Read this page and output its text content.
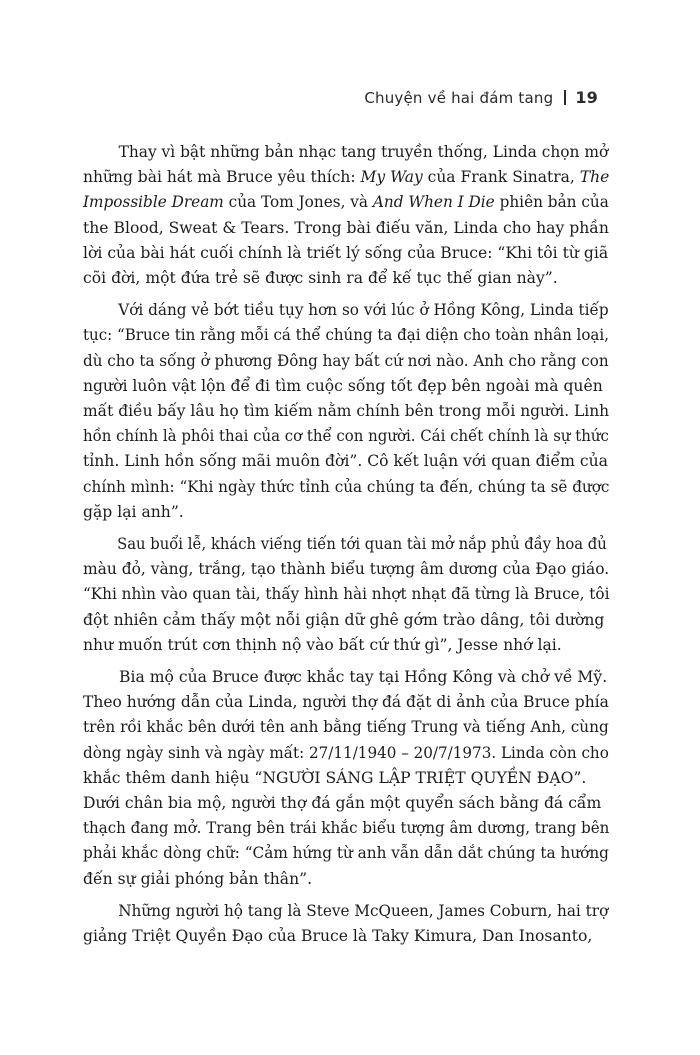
Chuyện về hai đám tang 19

Thay vì bật những bản nhạc tang truyền thống, Linda chọn mở
những bài hát mà Bruce yêu thích: My Way của Frank Sinatra, The
Impossible Dream của Tom Jones, và And When I Die phiên bản của
the Blood, Sweat & Tears. Trong bài điếu văn, Linda cho hay phần
lời của bài hát cuối chính là triết lý sống của Bruce: “Khi tôi từ giã
cõi đời, một đứa trẻ sẽ được sinh ra để kế tục thế gian này”.

Với dáng vẻ bớt tiều tụy hơn so với lúc ở Hồng Kông, Linda tiếp
tục: “Bruce tin rằng mỗi cá thể chúng ta đại diện cho toàn nhân loại,
dù cho ta sống ở phương Đông hay bất cứ nơi nào. Anh cho rằng con
người luôn vật lộn để đi tìm cuộc sống tốt đẹp bên ngoài mà quên
mất điều bấy lâu họ tìm kiếm nằm chính bên trong mỗi người. Linh
hồn chính là phôi thai của cơ thể con người. Cái chết chính là sự thức
tỉnh. Linh hồn sống mãi muôn đời”. Cô kết luận với quan điểm của
chính mình: “Khi ngày thức tỉnh của chúng ta đến, chúng ta sẽ được
gặp lại anh”.

Sau buổi lễ, khách viếng tiến tới quan tài mở nắp phủ đầy hoa đủ
màu đỏ, vàng, trắng, tạo thành biểu tượng âm dương của Đạo giáo.
“Khi nhìn vào quan tài, thấy hình hài nhợt nhạt đã từng là Bruce, tôi
đột nhiên cảm thấy một nỗi giận dữ ghê gớm trào dâng, tôi dường
như muốn trút cơn thịnh nộ vào bất cứ thứ gì”, Jesse nhớ lại.

Bia mộ của Bruce được khắc tay tại Hồng Kông và chở về Mỹ.
Theo hướng dẫn của Linda, người thợ đá đặt di ảnh của Bruce phía
trên rồi khắc bên dưới tên anh bằng tiếng Trung và tiếng Anh, cùng
dòng ngày sinh và ngày mất: 27/11/1940 – 20/7/1973. Linda còn cho
khắc thêm danh hiệu “NGƯỜI SÁNG LẬP TRIỆT QUYỀN ĐẠO”.
Dưới chân bia mộ, người thợ đá gắn một quyển sách bằng đá cẩm
thạch đang mở. Trang bên trái khắc biểu tượng âm dương, trang bên
phải khắc dòng chữ: “Cảm hứng từ anh vẫn dẫn dắt chúng ta hướng
đến sự giải phóng bản thân”.

Những người hộ tang là Steve McQueen, James Coburn, hai trợ
giảng Triệt Quyền Đạo của Bruce là Taky Kimura, Dan Inosanto,
